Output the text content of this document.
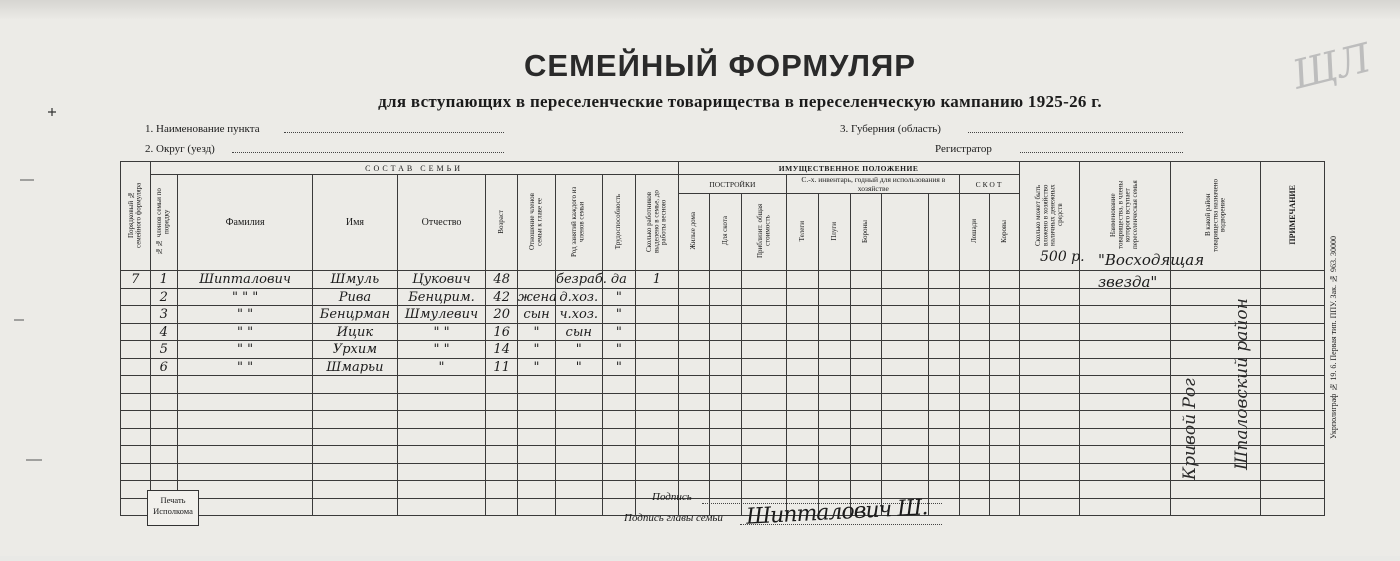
СЕМЕЙНЫЙ ФОРМУЛЯР
для вступающих в переселенческие товарищества в переселенческую кампанию 1925-26 г.
ЩЛ
1. Наименование пункта
2. Округ (уезд)
3. Губерния (область)
Регистратор
Порядковый № семейного формуляра	СОСТАВ СЕМЬИ									ИМУЩЕСТВЕННОЕ ПОЛОЖЕНИЕ										Сколько может быть вложено в хозяйство наличных денежных средств	Наименование товарищества, в члены которого вступает переселенческая семья	В какой район товарищества назначено водворение	ПРИМЕЧАНИЕ
	№№ членов семьи по порядку	Фамилия	Имя	Отчество	Возраст	Отношение членов семьи к главе ее	Род занятий каждого из членов семьи	Трудоспособность	Сколько работников выделено в семье, до работы весною	ПОСТРОЙКИ			С.-х. инвентарь, годный для использования в хозяйстве					СКОТ					
										Жилые дома	Для скота	Приблизит. общая стоимость	Телеги	Плуги	Бороны			Лошади	Коровы				
7	1	Шипталович	Шмуль	Цукович	48		безраб.	да	1														
	2	" " "	Рива	Бенцрим.	42	жена	д.хоз.	"															
	3	" "	Бенцрман	Шмулевич	20	сын	ч.хоз.	"															
	4	" "	Ицик	" "	16	"	сын	"															
	5	" "	Урхим	" "	14	"	"	"															
	6	" "	Шмарьи	"	11	"	"	"															

500 р. "Восходящая звезда"
Кривой Рог Шпаловский район	Укрполиграф № 19. 6. Первая тип. ППУ. Зак. № 963. 30000
Печать
Исполкома
Подпись
Подпись главы семьи Шипталович Ш.
